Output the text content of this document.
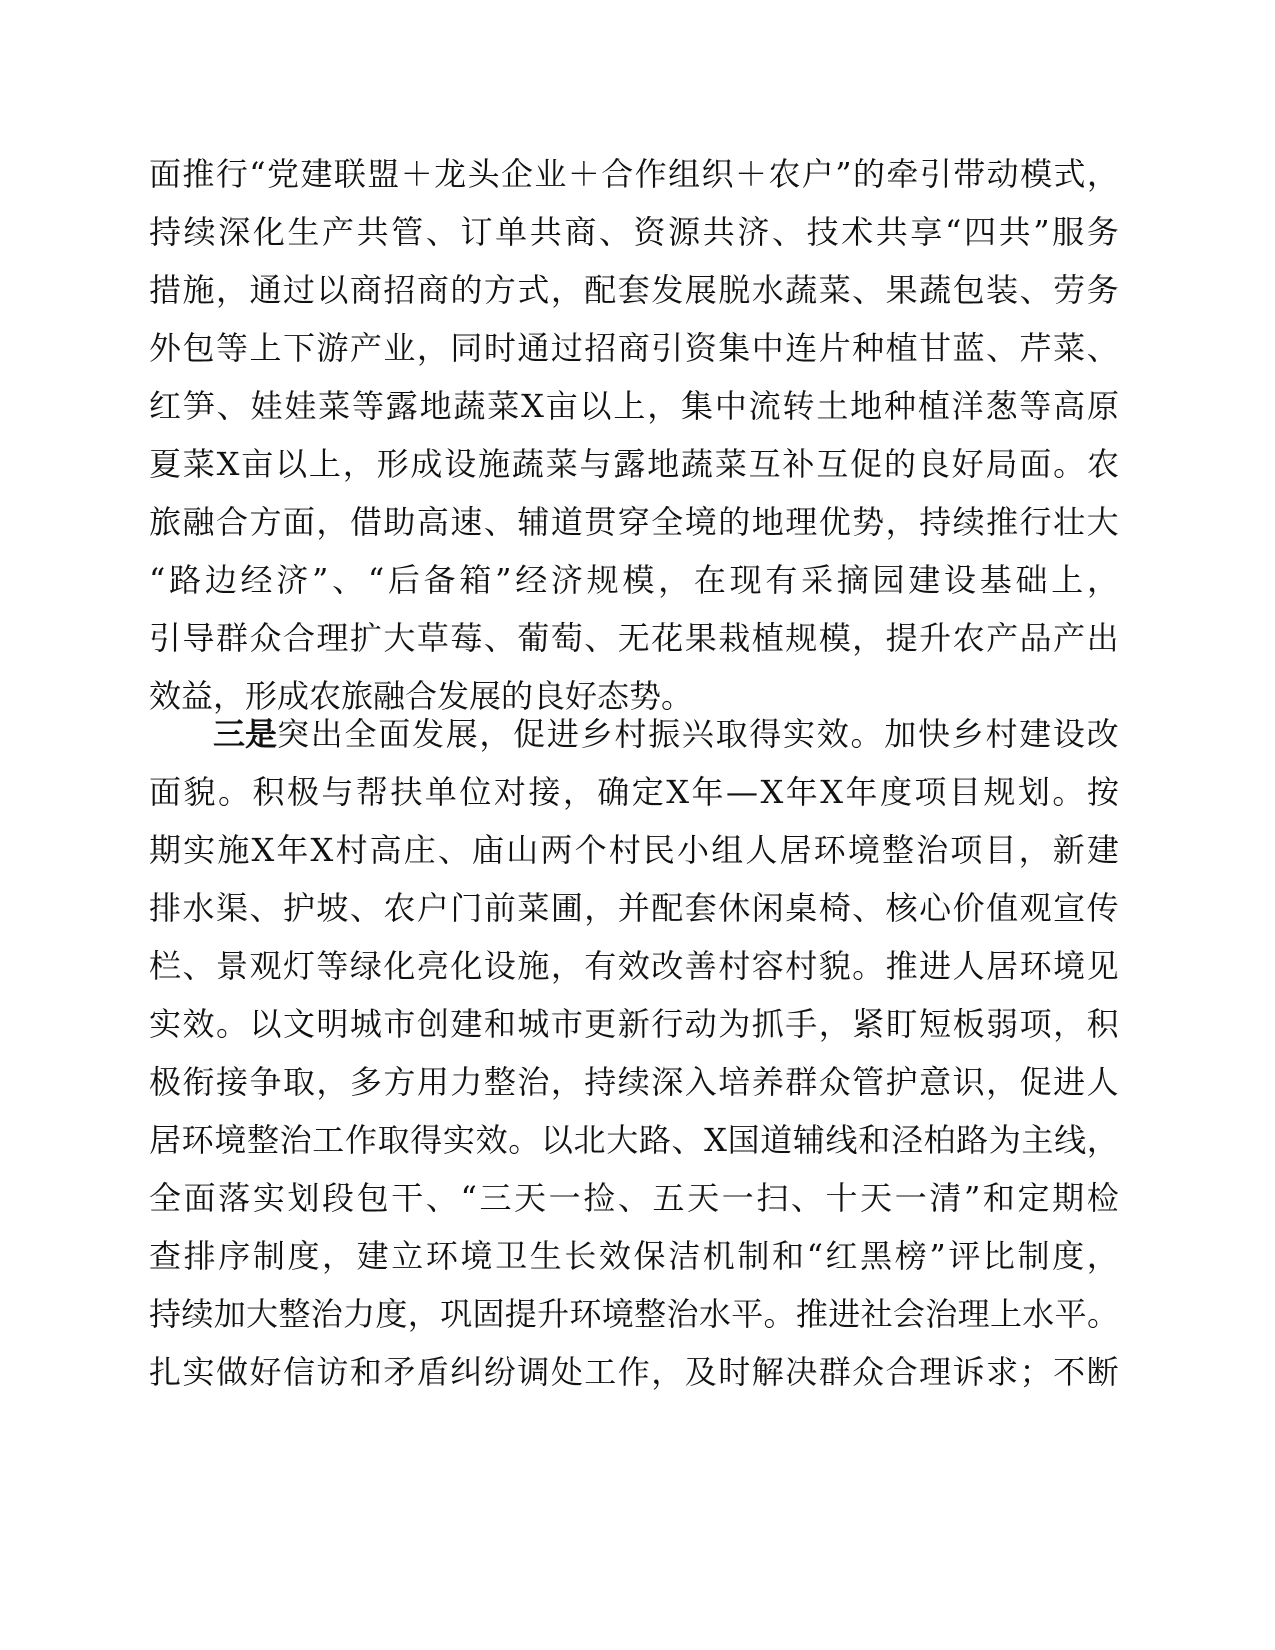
面 推 行 “ 党 建 联 盟 ＋ 龙 头 企 业 ＋ 合 作 组 织 ＋ 农 户 ” 的 牵 引 带 动 模 式 ，
持 续 深 化 生 产 共 管 、 订 单 共 商 、 资 源 共 济 、 技 术 共 享 “ 四 共 ” 服 务
措 施 ， 通 过 以 商 招 商 的 方 式 ， 配 套 发 展 脱 水 蔬 菜 、 果 蔬 包 装 、 劳 务
外 包 等 上 下 游 产 业 ， 同 时 通 过 招 商 引 资 集 中 连 片 种 植 甘 蓝 、 芹 菜 、
红 笋 、 娃 娃 菜 等 露 地 蔬 菜 X 亩 以 上 ， 集 中 流 转 土 地 种 植 洋 葱 等 高 原
夏 菜 X 亩 以 上 ， 形 成 设 施 蔬 菜 与 露 地 蔬 菜 互 补 互 促 的 良 好 局 面 。 农
旅 融 合 方 面 ， 借 助 高 速 、 辅 道 贯 穿 全 境 的 地 理 优 势 ， 持 续 推 行 壮 大
“ 路 边 经 济 ” 、 “ 后 备 箱 ” 经 济 规 模 ， 在 现 有 采 摘 园 建 设 基 础 上 ，
引 导 群 众 合 理 扩 大 草 莓 、 葡 萄 、 无 花 果 栽 植 规 模 ， 提 升 农 产 品 产 出
效益，形成农旅融合发展的良好态势。
三是 突 出 全 面 发 展 ， 促 进 乡 村 振 兴 取 得 实 效 。 加 快 乡 村 建 设 改
面 貌 。 积 极 与 帮 扶 单 位 对 接 ， 确 定 X 年 — X 年 X 年 度 项 目 规 划 。 按
期 实 施 X 年 X 村 高 庄 、 庙 山 两 个 村 民 小 组 人 居 环 境 整 治 项 目 ， 新 建
排 水 渠 、 护 坡 、 农 户 门 前 菜 圃 ， 并 配 套 休 闲 桌 椅 、 核 心 价 值 观 宣 传
栏 、 景 观 灯 等 绿 化 亮 化 设 施 ， 有 效 改 善 村 容 村 貌 。 推 进 人 居 环 境 见
实 效 。 以 文 明 城 市 创 建 和 城 市 更 新 行 动 为 抓 手 ， 紧 盯 短 板 弱 项 ， 积
极 衔 接 争 取 ， 多 方 用 力 整 治 ， 持 续 深 入 培 养 群 众 管 护 意 识 ， 促 进 人
居 环 境 整 治 工 作 取 得 实 效 。 以 北 大 路 、 X 国 道 辅 线 和 泾 柏 路 为 主 线 ，
全 面 落 实 划 段 包 干 、 “ 三 天 一 捡 、 五 天 一 扫 、 十 天 一 清 ” 和 定 期 检
查 排 序 制 度 ， 建 立 环 境 卫 生 长 效 保 洁 机 制 和 “ 红 黑 榜 ” 评 比 制 度 ，
持 续 加 大 整 治 力 度 ， 巩 固 提 升 环 境 整 治 水 平 。 推 进 社 会 治 理 上 水 平 。
扎 实 做 好 信 访 和 矛 盾 纠 纷 调 处 工 作 ， 及 时 解 决 群 众 合 理 诉 求 ； 不 断
